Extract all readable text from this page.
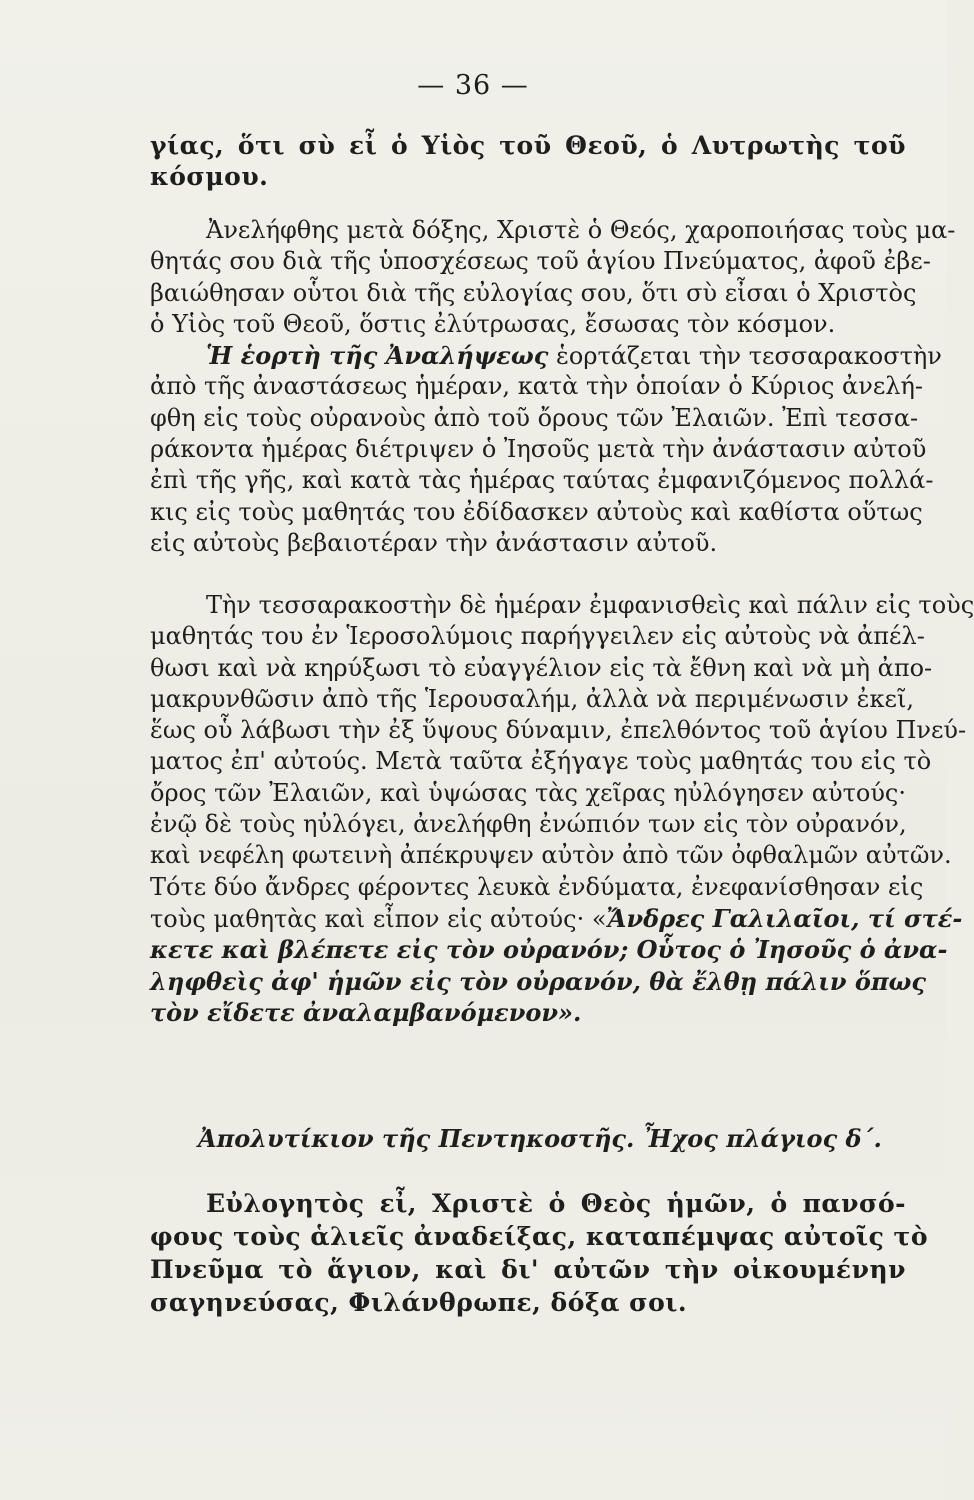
— 36 —
γίας, ὅτι σὺ εἶ ὁ Υἱὸς τοῦ Θεοῦ, ὁ Λυτρωτὴς τοῦ
κόσμου.
Ἀνελήφθης μετὰ δόξης, Χριστὲ ὁ Θεός, χαροποιήσας τοὺς μα-
θητάς σου διὰ τῆς ὑποσχέσεως τοῦ ἁγίου Πνεύματος, ἀφοῦ ἐβε-
βαιώθησαν οὗτοι διὰ τῆς εὐλογίας σου, ὅτι σὺ εἶσαι ὁ Χριστὸς
ὁ Υἱὸς τοῦ Θεοῦ, ὅστις ἐλύτρωσας, ἔσωσας τὸν κόσμον.
Ἡ ἑορτὴ τῆς Ἀναλήψεως ἑορτάζεται τὴν τεσσαρακοστὴν
ἀπὸ τῆς ἀναστάσεως ἡμέραν, κατὰ τὴν ὁποίαν ὁ Κύριος ἀνελή-
φθη εἰς τοὺς οὐρανοὺς ἀπὸ τοῦ ὄρους τῶν Ἐλαιῶν. Ἐπὶ τεσσα-
ράκοντα ἡμέρας διέτριψεν ὁ Ἰησοῦς μετὰ τὴν ἀνάστασιν αὐτοῦ
ἐπὶ τῆς γῆς, καὶ κατὰ τὰς ἡμέρας ταύτας ἐμφανιζόμενος πολλά-
κις εἰς τοὺς μαθητάς του ἐδίδασκεν αὐτοὺς καὶ καθίστα οὕτως
εἰς αὐτοὺς βεβαιοτέραν τὴν ἀνάστασιν αὐτοῦ.
Τὴν τεσσαρακοστὴν δὲ ἡμέραν ἐμφανισθεὶς καὶ πάλιν εἰς τοὺς
μαθητάς του ἐν Ἱεροσολύμοις παρήγγειλεν εἰς αὐτοὺς νὰ ἀπέλ-
θωσι καὶ νὰ κηρύξωσι τὸ εὐαγγέλιον εἰς τὰ ἔθνη καὶ νὰ μὴ ἀπο-
μακρυνθῶσιν ἀπὸ τῆς Ἱερουσαλήμ, ἀλλὰ νὰ περιμένωσιν ἐκεῖ,
ἕως οὗ λάβωσι τὴν ἐξ ὕψους δύναμιν, ἐπελθόντος τοῦ ἁγίου Πνεύ-
ματος ἐπ' αὐτούς. Μετὰ ταῦτα ἐξήγαγε τοὺς μαθητάς του εἰς τὸ
ὄρος τῶν Ἐλαιῶν, καὶ ὑψώσας τὰς χεῖρας ηὐλόγησεν αὐτούς·
ἐνῷ δὲ τοὺς ηὐλόγει, ἀνελήφθη ἐνώπιόν των εἰς τὸν οὐρανόν,
καὶ νεφέλη φωτεινὴ ἀπέκρυψεν αὐτὸν ἀπὸ τῶν ὀφθαλμῶν αὐτῶν.
Τότε δύο ἄνδρες φέροντες λευκὰ ἐνδύματα, ἐνεφανίσθησαν εἰς
τοὺς μαθητὰς καὶ εἶπον εἰς αὐτούς· «Ἄνδρες Γαλιλαῖοι, τί στέ-
κετε καὶ βλέπετε εἰς τὸν οὐρανόν; Οὗτος ὁ Ἰησοῦς ὁ ἀνα-
ληφθεὶς ἀφ' ἡμῶν εἰς τὸν οὐρανόν, θὰ ἔλθῃ πάλιν ὅπως
τὸν εἴδετε ἀναλαμβανόμενον».
Ἀπολυτίκιον τῆς Πεντηκοστῆς. Ἦχος πλάγιος δ΄.
Εὐλογητὸς εἶ, Χριστὲ ὁ Θεὸς ἡμῶν, ὁ πανσό-
φους τοὺς ἁλιεῖς ἀναδείξας, καταπέμψας αὐτοῖς τὸ
Πνεῦμα τὸ ἅγιον, καὶ δι' αὐτῶν τὴν οἰκουμένην
σαγηνεύσας, Φιλάνθρωπε, δόξα σοι.
